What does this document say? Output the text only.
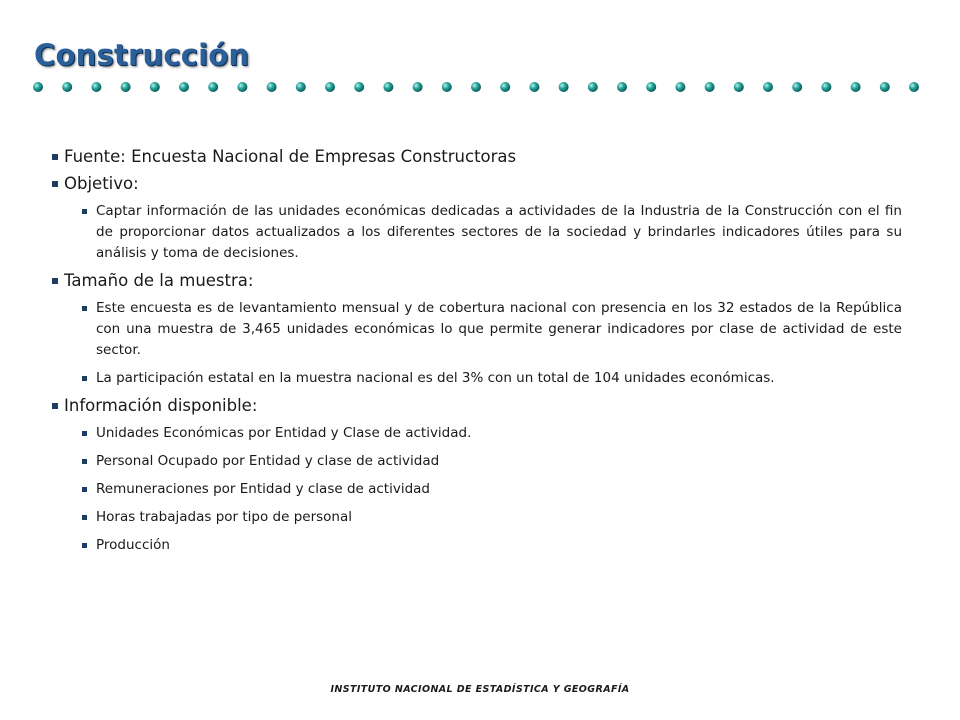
Construcción
Fuente: Encuesta Nacional de Empresas Constructoras
Objetivo:
Captar información de las unidades económicas dedicadas a actividades de la Industria de la Construcción con el fin de proporcionar datos actualizados a los diferentes sectores de la sociedad y brindarles indicadores útiles para su análisis y toma de decisiones.
Tamaño de la muestra:
Este encuesta es de levantamiento mensual y de cobertura nacional con presencia en los 32 estados de la República con una muestra de 3,465 unidades económicas lo que permite generar indicadores por clase de actividad de este sector.
La participación estatal en la muestra nacional es del 3% con un total de 104 unidades económicas.
Información disponible:
Unidades Económicas por Entidad y Clase de actividad.
Personal Ocupado por Entidad y clase de actividad
Remuneraciones por Entidad y clase de actividad
Horas trabajadas por tipo de personal
Producción
INSTITUTO NACIONAL DE ESTADÍSTICA Y GEOGRAFÍA
